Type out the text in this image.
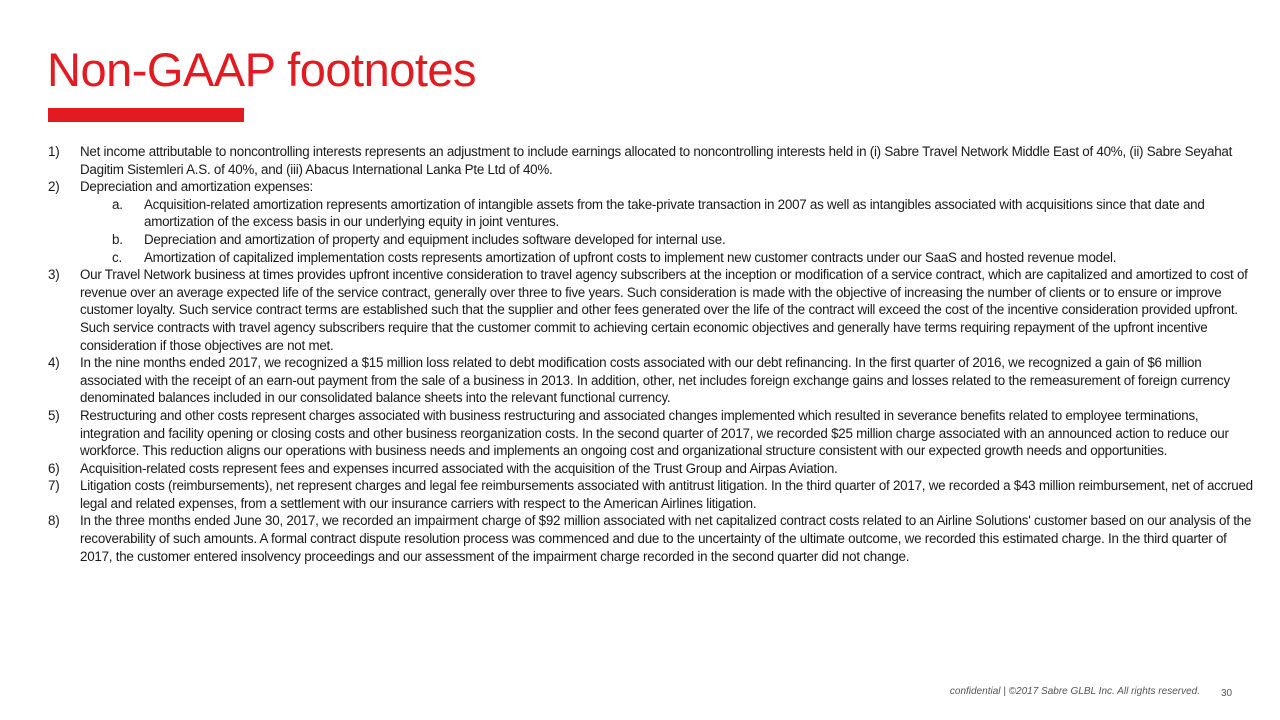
Non-GAAP footnotes
1) Net income attributable to noncontrolling interests represents an adjustment to include earnings allocated to noncontrolling interests held in (i) Sabre Travel Network Middle East of 40%, (ii) Sabre Seyahat Dagitim Sistemleri A.S. of 40%, and (iii) Abacus International Lanka Pte Ltd of 40%.
2) Depreciation and amortization expenses:
a. Acquisition-related amortization represents amortization of intangible assets from the take-private transaction in 2007 as well as intangibles associated with acquisitions since that date and amortization of the excess basis in our underlying equity in joint ventures.
b. Depreciation and amortization of property and equipment includes software developed for internal use.
c. Amortization of capitalized implementation costs represents amortization of upfront costs to implement new customer contracts under our SaaS and hosted revenue model.
3) Our Travel Network business at times provides upfront incentive consideration to travel agency subscribers at the inception or modification of a service contract, which are capitalized and amortized to cost of revenue over an average expected life of the service contract, generally over three to five years. Such consideration is made with the objective of increasing the number of clients or to ensure or improve customer loyalty. Such service contract terms are established such that the supplier and other fees generated over the life of the contract will exceed the cost of the incentive consideration provided upfront. Such service contracts with travel agency subscribers require that the customer commit to achieving certain economic objectives and generally have terms requiring repayment of the upfront incentive consideration if those objectives are not met.
4) In the nine months ended 2017, we recognized a $15 million loss related to debt modification costs associated with our debt refinancing. In the first quarter of 2016, we recognized a gain of $6 million associated with the receipt of an earn-out payment from the sale of a business in 2013. In addition, other, net includes foreign exchange gains and losses related to the remeasurement of foreign currency denominated balances included in our consolidated balance sheets into the relevant functional currency.
5) Restructuring and other costs represent charges associated with business restructuring and associated changes implemented which resulted in severance benefits related to employee terminations, integration and facility opening or closing costs and other business reorganization costs. In the second quarter of 2017, we recorded $25 million charge associated with an announced action to reduce our workforce. This reduction aligns our operations with business needs and implements an ongoing cost and organizational structure consistent with our expected growth needs and opportunities.
6) Acquisition-related costs represent fees and expenses incurred associated with the acquisition of the Trust Group and Airpas Aviation.
7) Litigation costs (reimbursements), net represent charges and legal fee reimbursements associated with antitrust litigation. In the third quarter of 2017, we recorded a $43 million reimbursement, net of accrued legal and related expenses, from a settlement with our insurance carriers with respect to the American Airlines litigation.
8) In the three months ended June 30, 2017, we recorded an impairment charge of $92 million associated with net capitalized contract costs related to an Airline Solutions' customer based on our analysis of the recoverability of such amounts. A formal contract dispute resolution process was commenced and due to the uncertainty of the ultimate outcome, we recorded this estimated charge. In the third quarter of 2017, the customer entered insolvency proceedings and our assessment of the impairment charge recorded in the second quarter did not change.
confidential | ©2017 Sabre GLBL Inc. All rights reserved. 30
